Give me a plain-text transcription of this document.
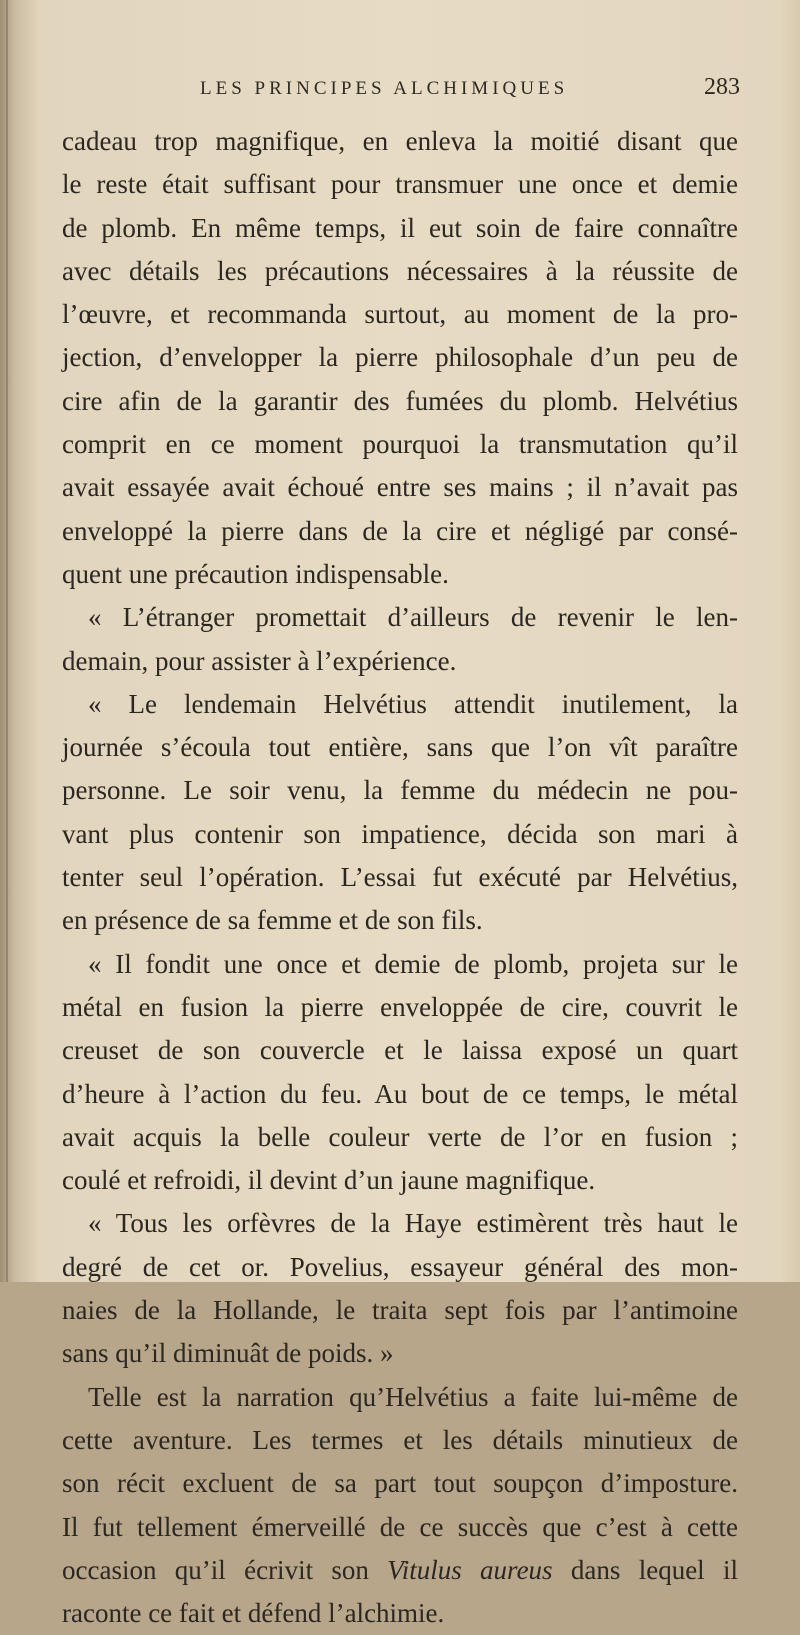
LES PRINCIPES ALCHIMIQUES	283
cadeau trop magnifique, en enleva la moitié disant que
le reste était suffisant pour transmuer une once et demie
de plomb. En même temps, il eut soin de faire connaître
avec détails les précautions nécessaires à la réussite de
l’œuvre, et recommanda surtout, au moment de la pro-
jection, d’envelopper la pierre philosophale d’un peu de
cire afin de la garantir des fumées du plomb. Helvétius
comprit en ce moment pourquoi la transmutation qu’il
avait essayée avait échoué entre ses mains ; il n’avait pas
enveloppé la pierre dans de la cire et négligé par consé-
quent une précaution indispensable.
« L’étranger promettait d’ailleurs de revenir le len-
demain, pour assister à l’expérience.
« Le lendemain Helvétius attendit inutilement, la
journée s’écoula tout entière, sans que l’on vît paraître
personne. Le soir venu, la femme du médecin ne pou-
vant plus contenir son impatience, décida son mari à
tenter seul l’opération. L’essai fut exécuté par Helvétius,
en présence de sa femme et de son fils.
« Il fondit une once et demie de plomb, projeta sur le
métal en fusion la pierre enveloppée de cire, couvrit le
creuset de son couvercle et le laissa exposé un quart
d’heure à l’action du feu. Au bout de ce temps, le métal
avait acquis la belle couleur verte de l’or en fusion ;
coulé et refroidi, il devint d’un jaune magnifique.
« Tous les orfèvres de la Haye estimèrent très haut le
degré de cet or. Povelius, essayeur général des mon-
naies de la Hollande, le traita sept fois par l’antimoine
sans qu’il diminuât de poids. »
Telle est la narration qu’Helvétius a faite lui-même de
cette aventure. Les termes et les détails minutieux de
son récit excluent de sa part tout soupçon d’imposture.
Il fut tellement émerveillé de ce succès que c’est à cette
occasion qu’il écrivit son Vitulus aureus dans lequel il
raconte ce fait et défend l’alchimie.
